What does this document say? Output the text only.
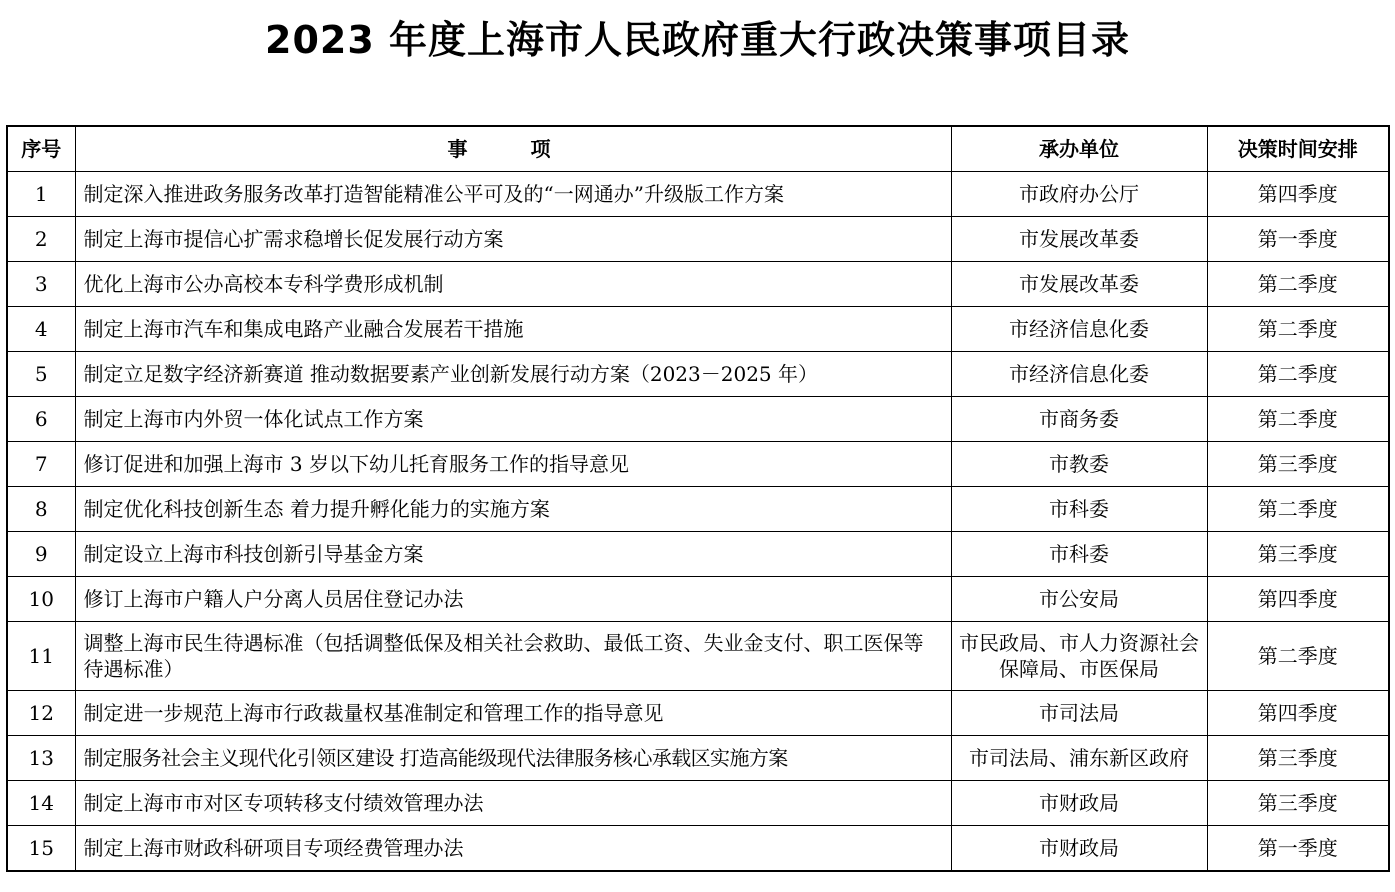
2023 年度上海市人民政府重大行政决策事项目录
序号	事 项	承办单位	决策时间安排
1	制定深入推进政务服务改革打造智能精准公平可及的“一网通办”升级版工作方案	市政府办公厅	第四季度
2	制定上海市提信心扩需求稳增长促发展行动方案	市发展改革委	第一季度
3	优化上海市公办高校本专科学费形成机制	市发展改革委	第二季度
4	制定上海市汽车和集成电路产业融合发展若干措施	市经济信息化委	第二季度
5	制定立足数字经济新赛道 推动数据要素产业创新发展行动方案（2023－2025 年）	市经济信息化委	第二季度
6	制定上海市内外贸一体化试点工作方案	市商务委	第二季度
7	修订促进和加强上海市 3 岁以下幼儿托育服务工作的指导意见	市教委	第三季度
8	制定优化科技创新生态 着力提升孵化能力的实施方案	市科委	第二季度
9	制定设立上海市科技创新引导基金方案	市科委	第三季度
10	修订上海市户籍人户分离人员居住登记办法	市公安局	第四季度
11	调整上海市民生待遇标准（包括调整低保及相关社会救助、最低工资、失业金支付、职工医保等待遇标准）	市民政局、市人力资源社会保障局、市医保局	第二季度
12	制定进一步规范上海市行政裁量权基准制定和管理工作的指导意见	市司法局	第四季度
13	制定服务社会主义现代化引领区建设 打造高能级现代法律服务核心承载区实施方案	市司法局、浦东新区政府	第三季度
14	制定上海市市对区专项转移支付绩效管理办法	市财政局	第三季度
15	制定上海市财政科研项目专项经费管理办法	市财政局	第一季度
